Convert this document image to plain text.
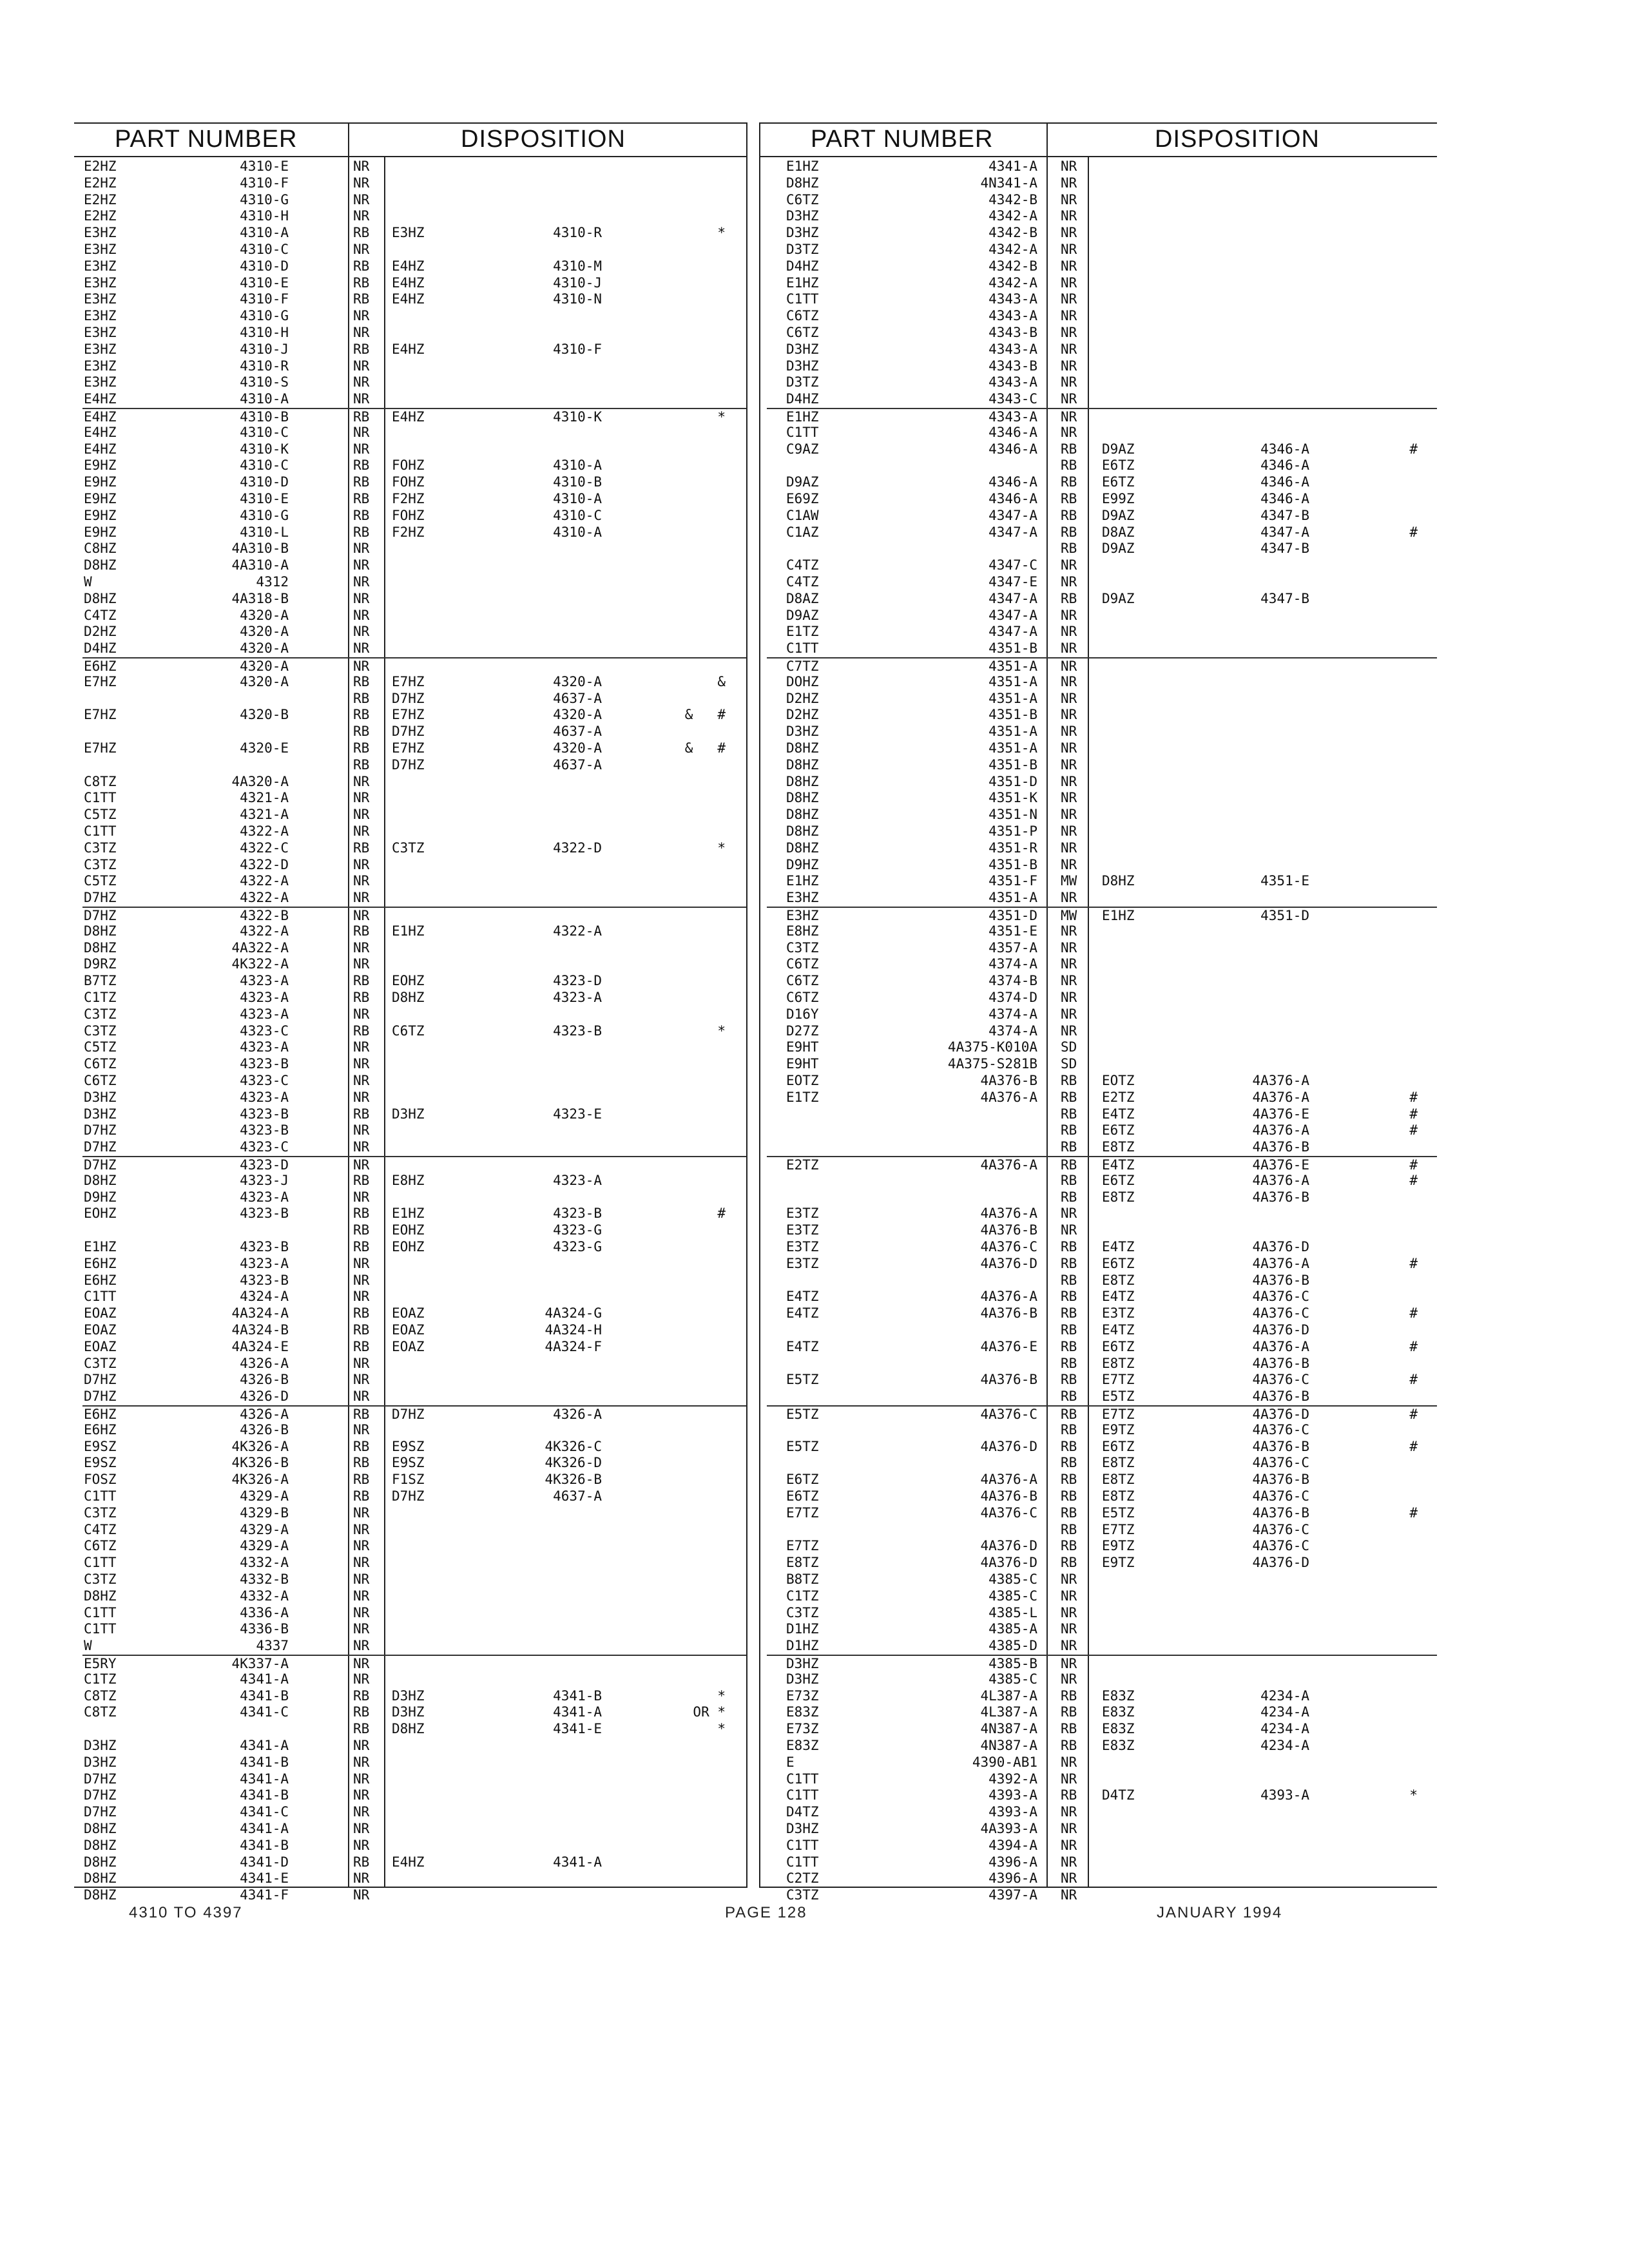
PART NUMBER	DISPOSITION	PART NUMBER	DISPOSITION
E2HZ	4310-E	NR
E2HZ	4310-F	NR
E2HZ	4310-G	NR
E2HZ	4310-H	NR
E3HZ	4310-A	RB E3HZ	4310-R	*
E3HZ	4310-C	NR
E3HZ	4310-D	RB E4HZ	4310-M
E3HZ	4310-E	RB E4HZ	4310-J
E3HZ	4310-F	RB E4HZ	4310-N
E3HZ	4310-G	NR
E3HZ	4310-H	NR
E3HZ	4310-J	RB E4HZ	4310-F
E3HZ	4310-R	NR
E3HZ	4310-S	NR
E4HZ	4310-A	NR
E4HZ	4310-B	RB E4HZ	4310-K	*
E4HZ	4310-C	NR
E4HZ	4310-K	NR
E9HZ	4310-C	RB FOHZ	4310-A
E9HZ	4310-D	RB FOHZ	4310-B
E9HZ	4310-E	RB F2HZ	4310-A
E9HZ	4310-G	RB FOHZ	4310-C
E9HZ	4310-L	RB F2HZ	4310-A
C8HZ	4A310-B	NR
D8HZ	4A310-A	NR
W	4312	NR
D8HZ	4A318-B	NR
C4TZ	4320-A	NR
D2HZ	4320-A	NR
D4HZ	4320-A	NR
E6HZ	4320-A	NR
E7HZ	4320-A	RB E7HZ	4320-A	&
RB D7HZ	4637-A
E7HZ	4320-B	RB E7HZ	4320-A	&   #
RB D7HZ	4637-A
E7HZ	4320-E	RB E7HZ	4320-A	&   #
RB D7HZ	4637-A
C8TZ	4A320-A	NR
C1TT	4321-A	NR
C5TZ	4321-A	NR
C1TT	4322-A	NR
C3TZ	4322-C	RB C3TZ	4322-D	*
C3TZ	4322-D	NR
C5TZ	4322-A	NR
D7HZ	4322-A	NR
D7HZ	4322-B	NR
D8HZ	4322-A	RB E1HZ	4322-A
D8HZ	4A322-A	NR
D9RZ	4K322-A	NR
B7TZ	4323-A	RB EOHZ	4323-D
C1TZ	4323-A	RB D8HZ	4323-A
C3TZ	4323-A	NR
C3TZ	4323-C	RB C6TZ	4323-B	*
C5TZ	4323-A	NR
C6TZ	4323-B	NR
C6TZ	4323-C	NR
D3HZ	4323-A	NR
D3HZ	4323-B	RB D3HZ	4323-E
D7HZ	4323-B	NR
D7HZ	4323-C	NR
D7HZ	4323-D	NR
D8HZ	4323-J	RB E8HZ	4323-A
D9HZ	4323-A	NR
EOHZ	4323-B	RB E1HZ	4323-B	#
RB EOHZ	4323-G
E1HZ	4323-B	RB EOHZ	4323-G
E6HZ	4323-A	NR
E6HZ	4323-B	NR
C1TT	4324-A	NR
EOAZ	4A324-A	RB EOAZ	4A324-G
EOAZ	4A324-B	RB EOAZ	4A324-H
EOAZ	4A324-E	RB EOAZ	4A324-F
C3TZ	4326-A	NR
D7HZ	4326-B	NR
D7HZ	4326-D	NR
E6HZ	4326-A	RB D7HZ	4326-A
E6HZ	4326-B	NR
E9SZ	4K326-A	RB E9SZ	4K326-C
E9SZ	4K326-B	RB E9SZ	4K326-D
FOSZ	4K326-A	RB F1SZ	4K326-B
C1TT	4329-A	RB D7HZ	4637-A
C3TZ	4329-B	NR
C4TZ	4329-A	NR
C6TZ	4329-A	NR
C1TT	4332-A	NR
C3TZ	4332-B	NR
D8HZ	4332-A	NR
C1TT	4336-A	NR
C1TT	4336-B	NR
W	4337	NR
E5RY	4K337-A	NR
C1TZ	4341-A	NR
C8TZ	4341-B	RB D3HZ	4341-B	*
C8TZ	4341-C	RB D3HZ	4341-A	OR *
RB D8HZ	4341-E	*
D3HZ	4341-A	NR
D3HZ	4341-B	NR
D7HZ	4341-A	NR
D7HZ	4341-B	NR
D7HZ	4341-C	NR
D8HZ	4341-A	NR
D8HZ	4341-B	NR
D8HZ	4341-D	RB E4HZ	4341-A
D8HZ	4341-E	NR
D8HZ	4341-F	NR
E1HZ	4341-A NR
D8HZ	4N341-A NR
C6TZ	4342-B NR
D3HZ	4342-A NR
D3HZ	4342-B NR
D3TZ	4342-A NR
D4HZ	4342-B NR
E1HZ	4342-A NR
C1TT	4343-A NR
C6TZ	4343-A NR
C6TZ	4343-B NR
D3HZ	4343-A NR
D3HZ	4343-B NR
D3TZ	4343-A NR
D4HZ	4343-C NR
E1HZ	4343-A NR
C1TT	4346-A NR
C9AZ	4346-A RB D9AZ	4346-A	#
RB E6TZ	4346-A
D9AZ	4346-A RB E6TZ	4346-A
E69Z	4346-A RB E99Z	4346-A
C1AW	4347-A RB D9AZ	4347-B
C1AZ	4347-A RB D8AZ	4347-A	#
RB D9AZ	4347-B
C4TZ	4347-C NR
C4TZ	4347-E NR
D8AZ	4347-A RB D9AZ	4347-B
D9AZ	4347-A NR
E1TZ	4347-A NR
C1TT	4351-B NR
C7TZ	4351-A NR
DOHZ	4351-A NR
D2HZ	4351-A NR
D2HZ	4351-B NR
D3HZ	4351-A NR
D8HZ	4351-A NR
D8HZ	4351-B NR
D8HZ	4351-D NR
D8HZ	4351-K NR
D8HZ	4351-N NR
D8HZ	4351-P NR
D8HZ	4351-R NR
D9HZ	4351-B NR
E1HZ	4351-F MW D8HZ	4351-E
E3HZ	4351-A NR
E3HZ	4351-D MW E1HZ	4351-D
E8HZ	4351-E NR
C3TZ	4357-A NR
C6TZ	4374-A NR
C6TZ	4374-B NR
C6TZ	4374-D NR
D16Y	4374-A NR
D27Z	4374-A NR
E9HT	4A375-K010A SD
E9HT	4A375-S281B SD
EOTZ	4A376-B RB EOTZ	4A376-A
E1TZ	4A376-A RB E2TZ	4A376-A	#
RB E4TZ	4A376-E	#
RB E6TZ	4A376-A	#
RB E8TZ	4A376-B
E2TZ	4A376-A RB E4TZ	4A376-E	#
RB E6TZ	4A376-A	#
RB E8TZ	4A376-B
E3TZ	4A376-A NR
E3TZ	4A376-B NR
E3TZ	4A376-C RB E4TZ	4A376-D
E3TZ	4A376-D RB E6TZ	4A376-A	#
RB E8TZ	4A376-B
E4TZ	4A376-A RB E4TZ	4A376-C
E4TZ	4A376-B RB E3TZ	4A376-C	#
RB E4TZ	4A376-D
E4TZ	4A376-E RB E6TZ	4A376-A	#
RB E8TZ	4A376-B
E5TZ	4A376-B RB E7TZ	4A376-C	#
RB E5TZ	4A376-B
E5TZ	4A376-C RB E7TZ	4A376-D	#
RB E9TZ	4A376-C
E5TZ	4A376-D RB E6TZ	4A376-B	#
RB E8TZ	4A376-C
E6TZ	4A376-A RB E8TZ	4A376-B
E6TZ	4A376-B RB E8TZ	4A376-C
E7TZ	4A376-C RB E5TZ	4A376-B	#
RB E7TZ	4A376-C
E7TZ	4A376-D RB E9TZ	4A376-C
E8TZ	4A376-D RB E9TZ	4A376-D
B8TZ	4385-C NR
C1TZ	4385-C NR
C3TZ	4385-L NR
D1HZ	4385-A NR
D1HZ	4385-D NR
D3HZ	4385-B NR
D3HZ	4385-C NR
E73Z	4L387-A RB E83Z	4234-A
E83Z	4L387-A RB E83Z	4234-A
E73Z	4N387-A RB E83Z	4234-A
E83Z	4N387-A RB E83Z	4234-A
E	4390-AB1 NR
C1TT	4392-A NR
C1TT	4393-A RB D4TZ	4393-A	*
D4TZ	4393-A NR
D3HZ	4A393-A NR
C1TT	4394-A NR
C1TT	4396-A NR
C2TZ	4396-A NR
C3TZ	4397-A NR
4310 TO 4397	PAGE 128	JANUARY 1994
